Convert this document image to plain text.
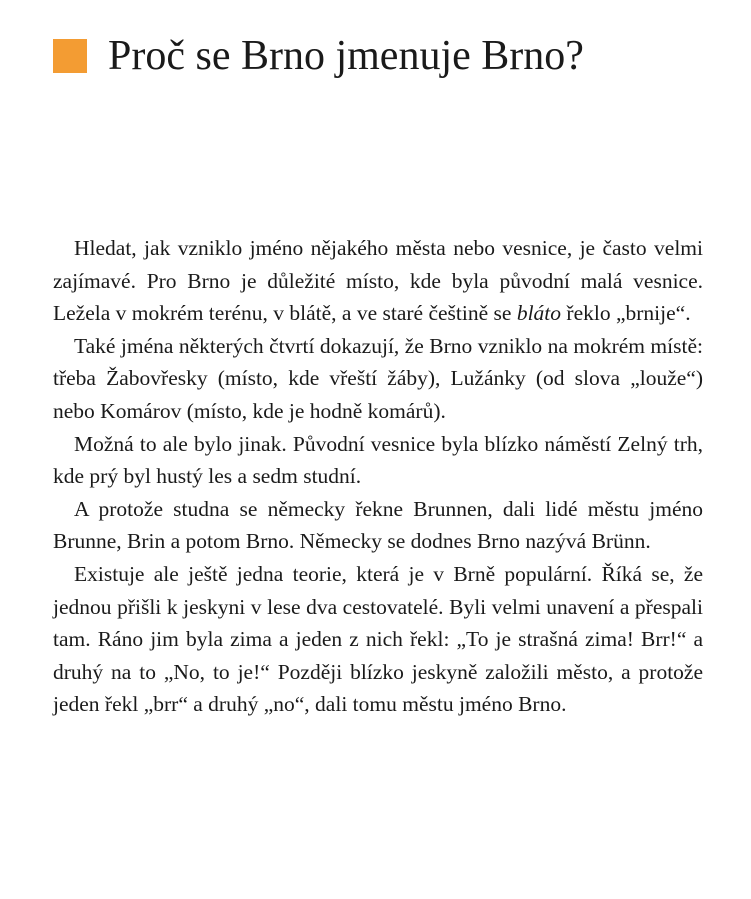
Proč se Brno jmenuje Brno?

Hledat, jak vzniklo jméno nějakého města nebo vesnice, je často velmi zajímavé. Pro Brno je důležité místo, kde byla původní malá vesnice. Ležela v mokrém terénu, v blátě, a ve staré češtině se bláto řeklo „brnije“.

Také jména některých čtvrtí dokazují, že Brno vzniklo na mokrém místě: třeba Žabovřesky (místo, kde vřeští žáby), Lužánky (od slova „louže“) nebo Komárov (místo, kde je hodně komárů).

Možná to ale bylo jinak. Původní vesnice byla blízko náměstí Zelný trh, kde prý byl hustý les a sedm studní.

A protože studna se německy řekne Brunnen, dali lidé městu jméno Brunne, Brin a potom Brno. Německy se dodnes Brno nazývá Brünn.

Existuje ale ještě jedna teorie, která je v Brně populární. Říká se, že jednou přišli k jeskyni v lese dva cestovatelé. Byli velmi unavení a přespali tam. Ráno jim byla zima a jeden z nich řekl: „To je strašná zima! Brr!“ a druhý na to „No, to je!“ Později blízko jeskyně založili město, a protože jeden řekl „brr“ a druhý „no“, dali tomu městu jméno Brno.
